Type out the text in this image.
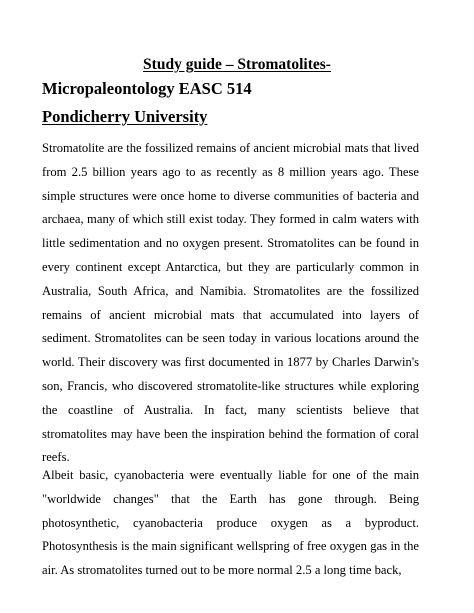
Study guide – Stromatolites-
Micropaleontology EASC 514
Pondicherry University

Stromatolite are the fossilized remains of ancient microbial mats that lived from 2.5 billion years ago to as recently as 8 million years ago. These simple structures were once home to diverse communities of bacteria and archaea, many of which still exist today. They formed in calm waters with little sedimentation and no oxygen present. Stromatolites can be found in every continent except Antarctica, but they are particularly common in Australia, South Africa, and Namibia. Stromatolites are the fossilized remains of ancient microbial mats that accumulated into layers of sediment. Stromatolites can be seen today in various locations around the world. Their discovery was first documented in 1877 by Charles Darwin's son, Francis, who discovered stromatolite-like structures while exploring the coastline of Australia. In fact, many scientists believe that stromatolites may have been the inspiration behind the formation of coral reefs.

Albeit basic, cyanobacteria were eventually liable for one of the main "worldwide changes" that the Earth has gone through. Being photosynthetic, cyanobacteria produce oxygen as a byproduct. Photosynthesis is the main significant wellspring of free oxygen gas in the air. As stromatolites turned out to be more normal 2.5 a long time back,
